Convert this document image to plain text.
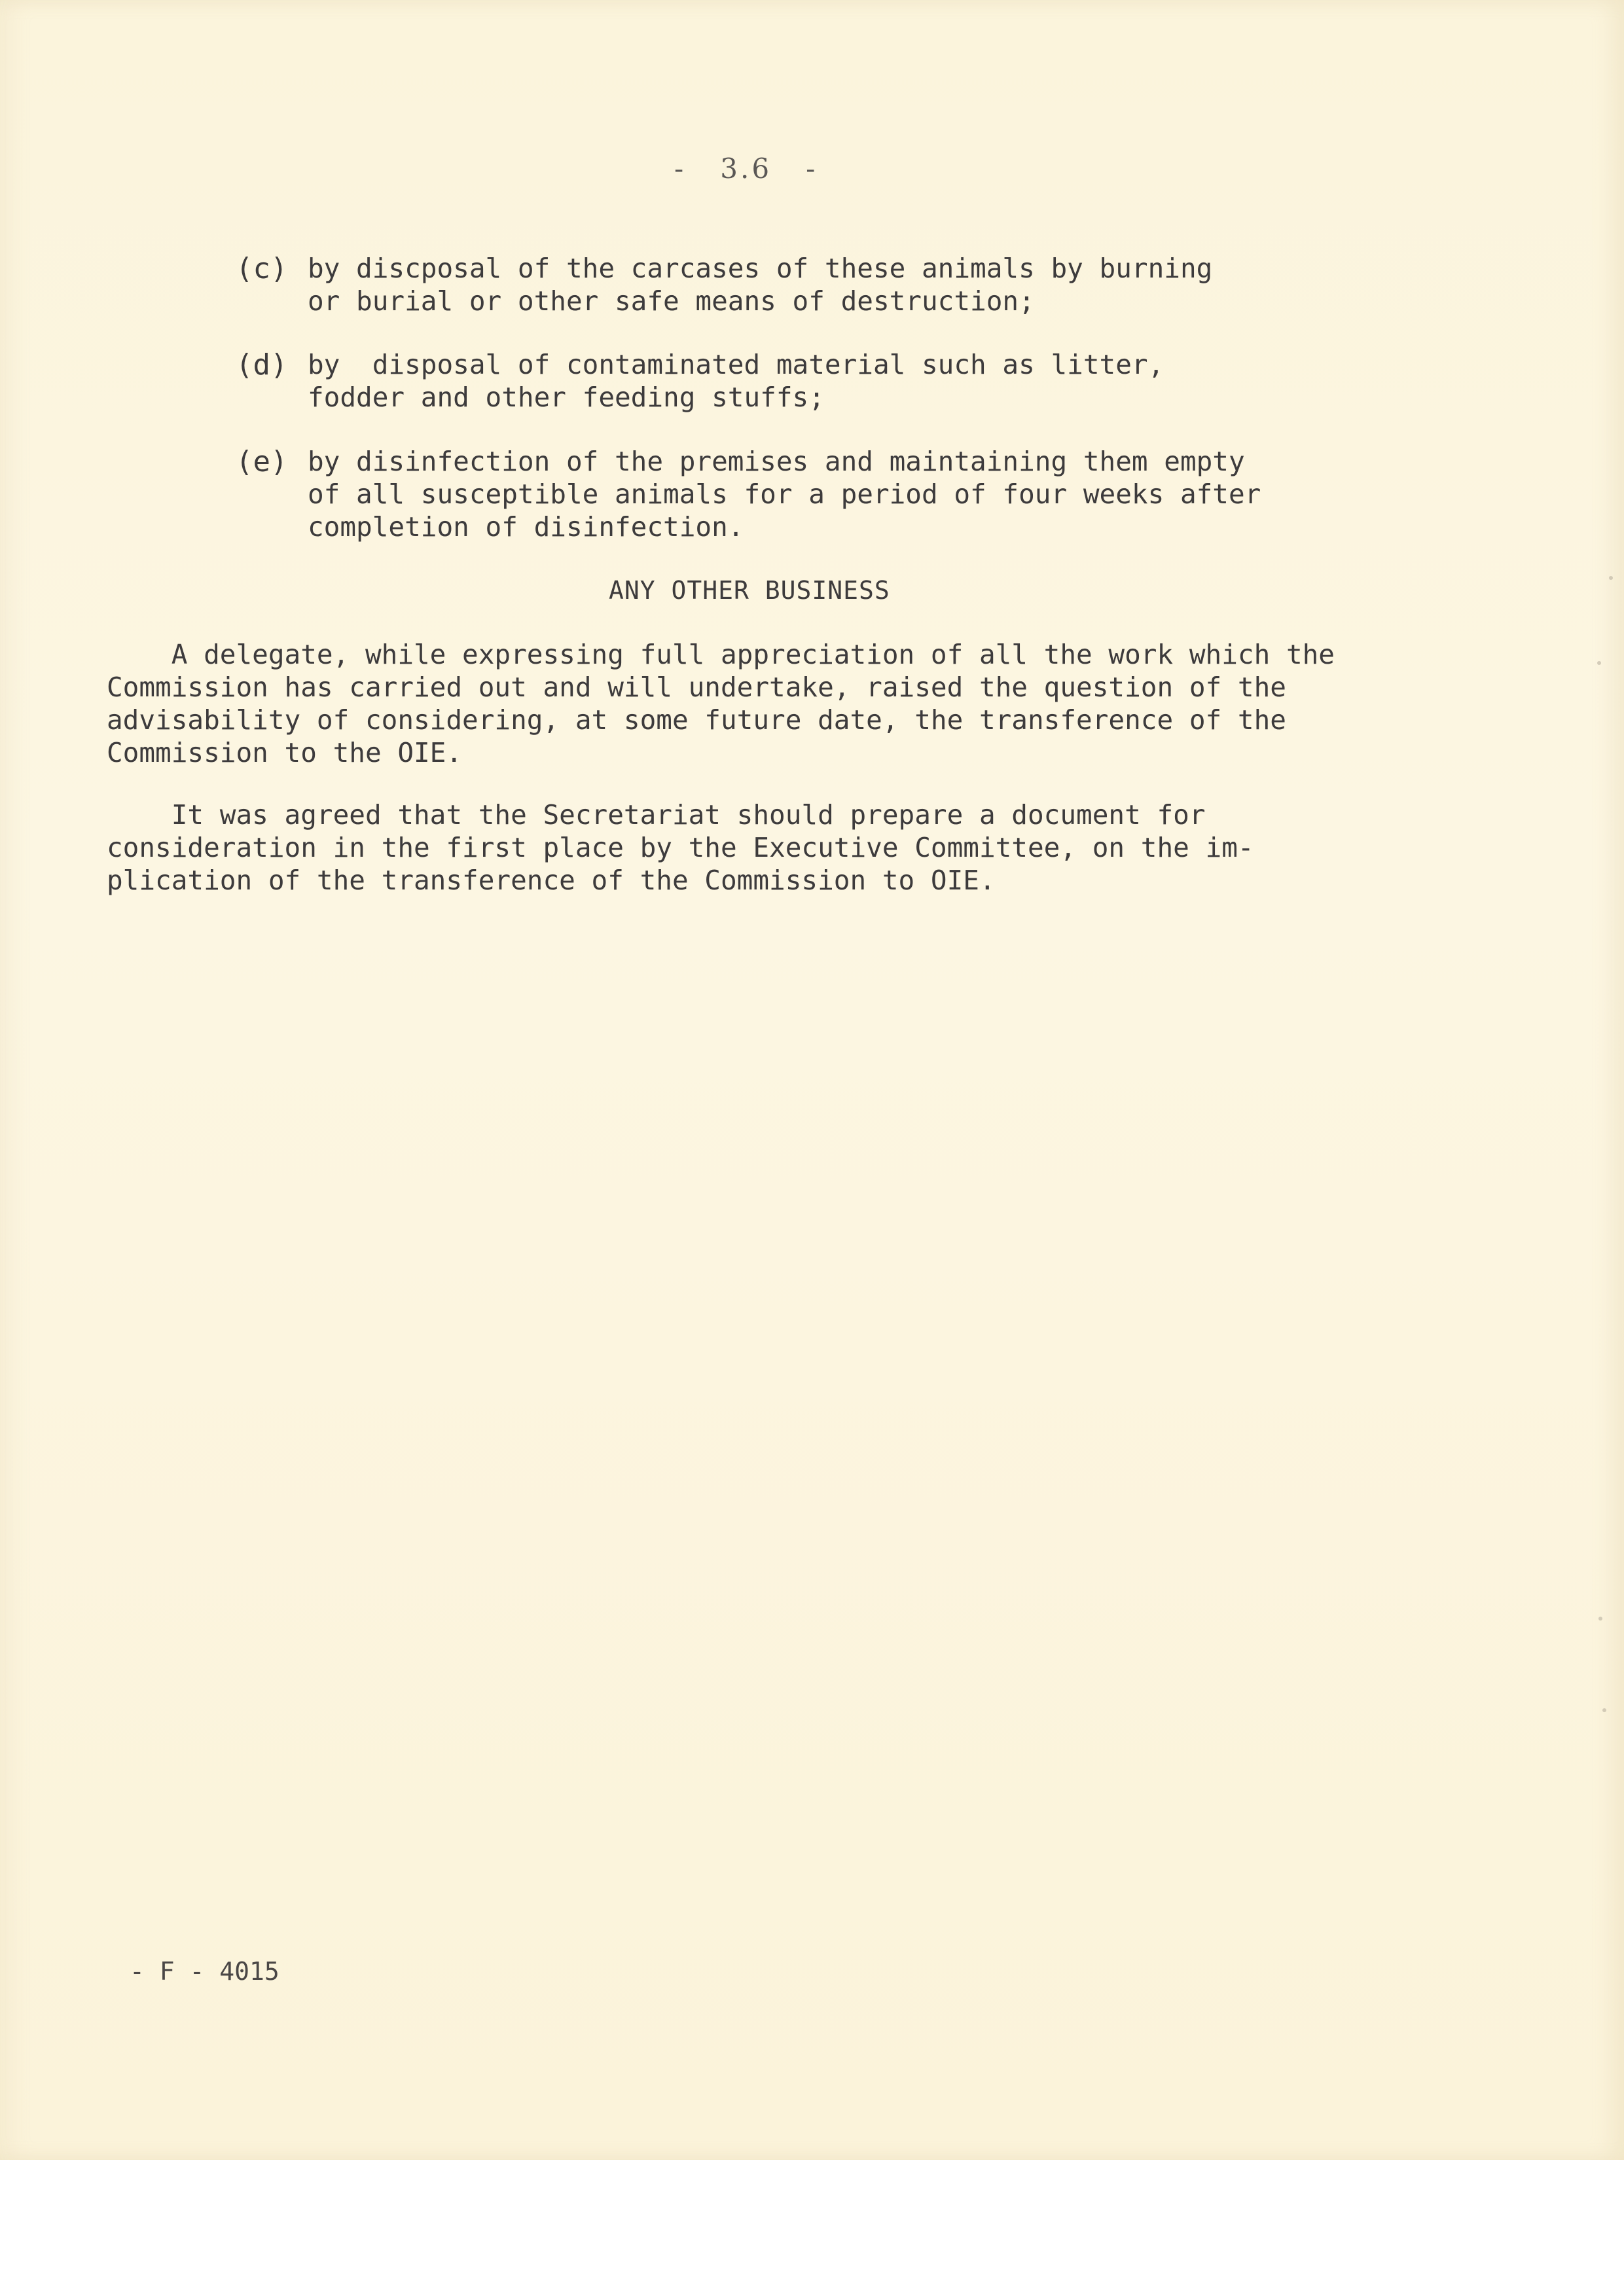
-   3.6   -
(c) by discposal of the carcases of these animals by burning
or burial or other safe means of destruction;
(d) by  disposal of contaminated material such as litter,
fodder and other feeding stuffs;
(e) by disinfection of the premises and maintaining them empty
of all susceptible animals for a period of four weeks after
completion of disinfection.
ANY OTHER BUSINESS
A delegate, while expressing full appreciation of all the work which the
Commission has carried out and will undertake, raised the question of the
advisability of considering, at some future date, the transference of the
Commission to the OIE.
It was agreed that the Secretariat should prepare a document for
consideration in the first place by the Executive Committee, on the im-
plication of the transference of the Commission to OIE.
- F - 4015
